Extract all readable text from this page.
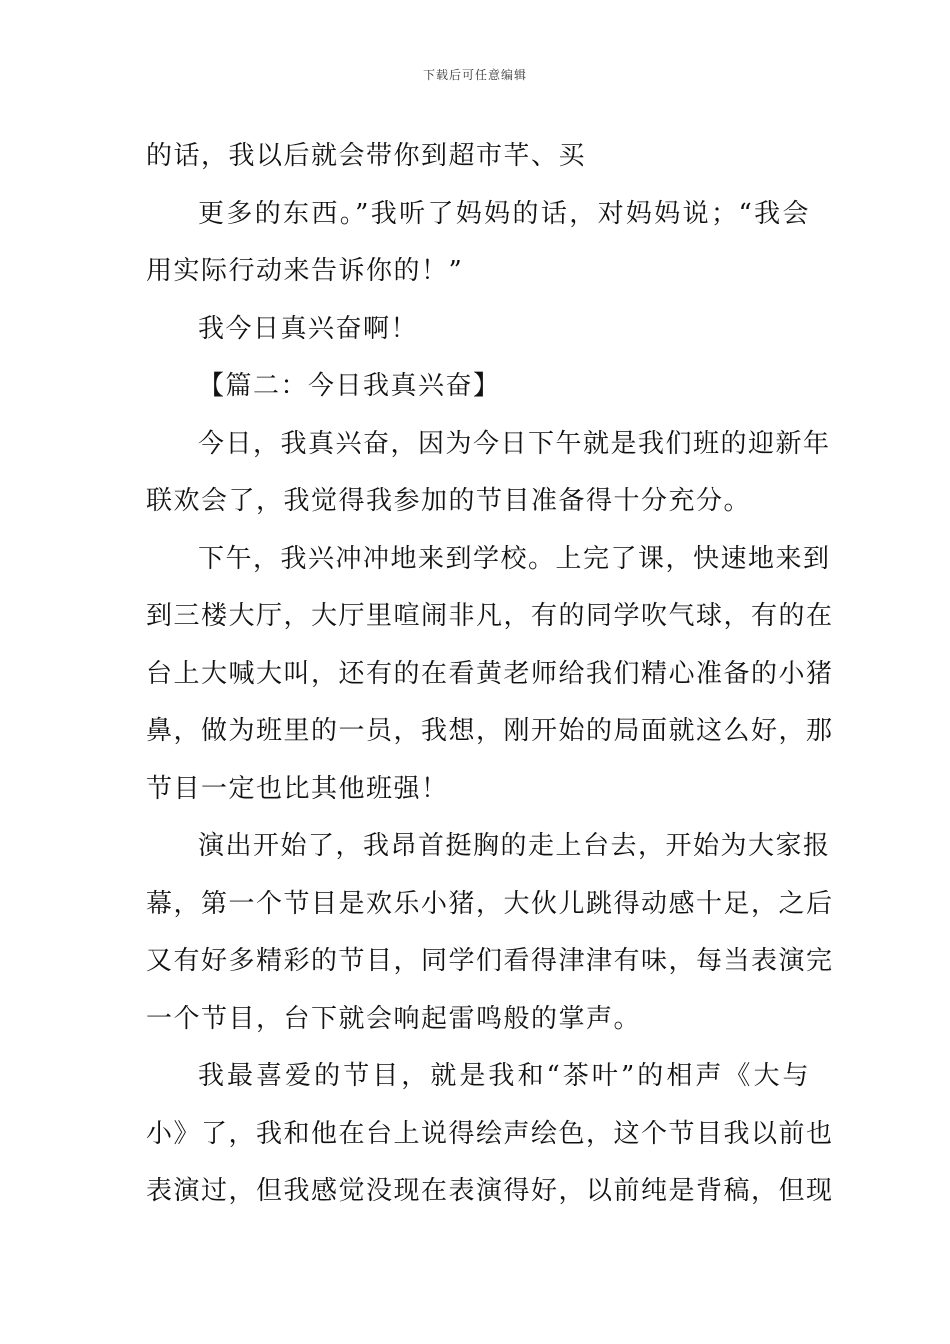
下载后可任意编辑
的话，我以后就会带你到超市芊、买
更多的东西。”我听了妈妈的话，对妈妈说；“我会
用实际行动来告诉你的！”
我今日真兴奋啊！
【篇二：今日我真兴奋】
今日，我真兴奋，因为今日下午就是我们班的迎新年
联欢会了，我觉得我参加的节目准备得十分充分。
下午，我兴冲冲地来到学校。上完了课，快速地来到
到三楼大厅，大厅里喧闹非凡，有的同学吹气球，有的在
台上大喊大叫，还有的在看黄老师给我们精心准备的小猪
鼻，做为班里的一员，我想，刚开始的局面就这么好，那
节目一定也比其他班强！
演出开始了，我昂首挺胸的走上台去，开始为大家报
幕，第一个节目是欢乐小猪，大伙儿跳得动感十足，之后
又有好多精彩的节目，同学们看得津津有味，每当表演完
一个节目，台下就会响起雷鸣般的掌声。
我最喜爱的节目，就是我和“茶叶”的相声《大与
小》了，我和他在台上说得绘声绘色，这个节目我以前也
表演过，但我感觉没现在表演得好，以前纯是背稿，但现
